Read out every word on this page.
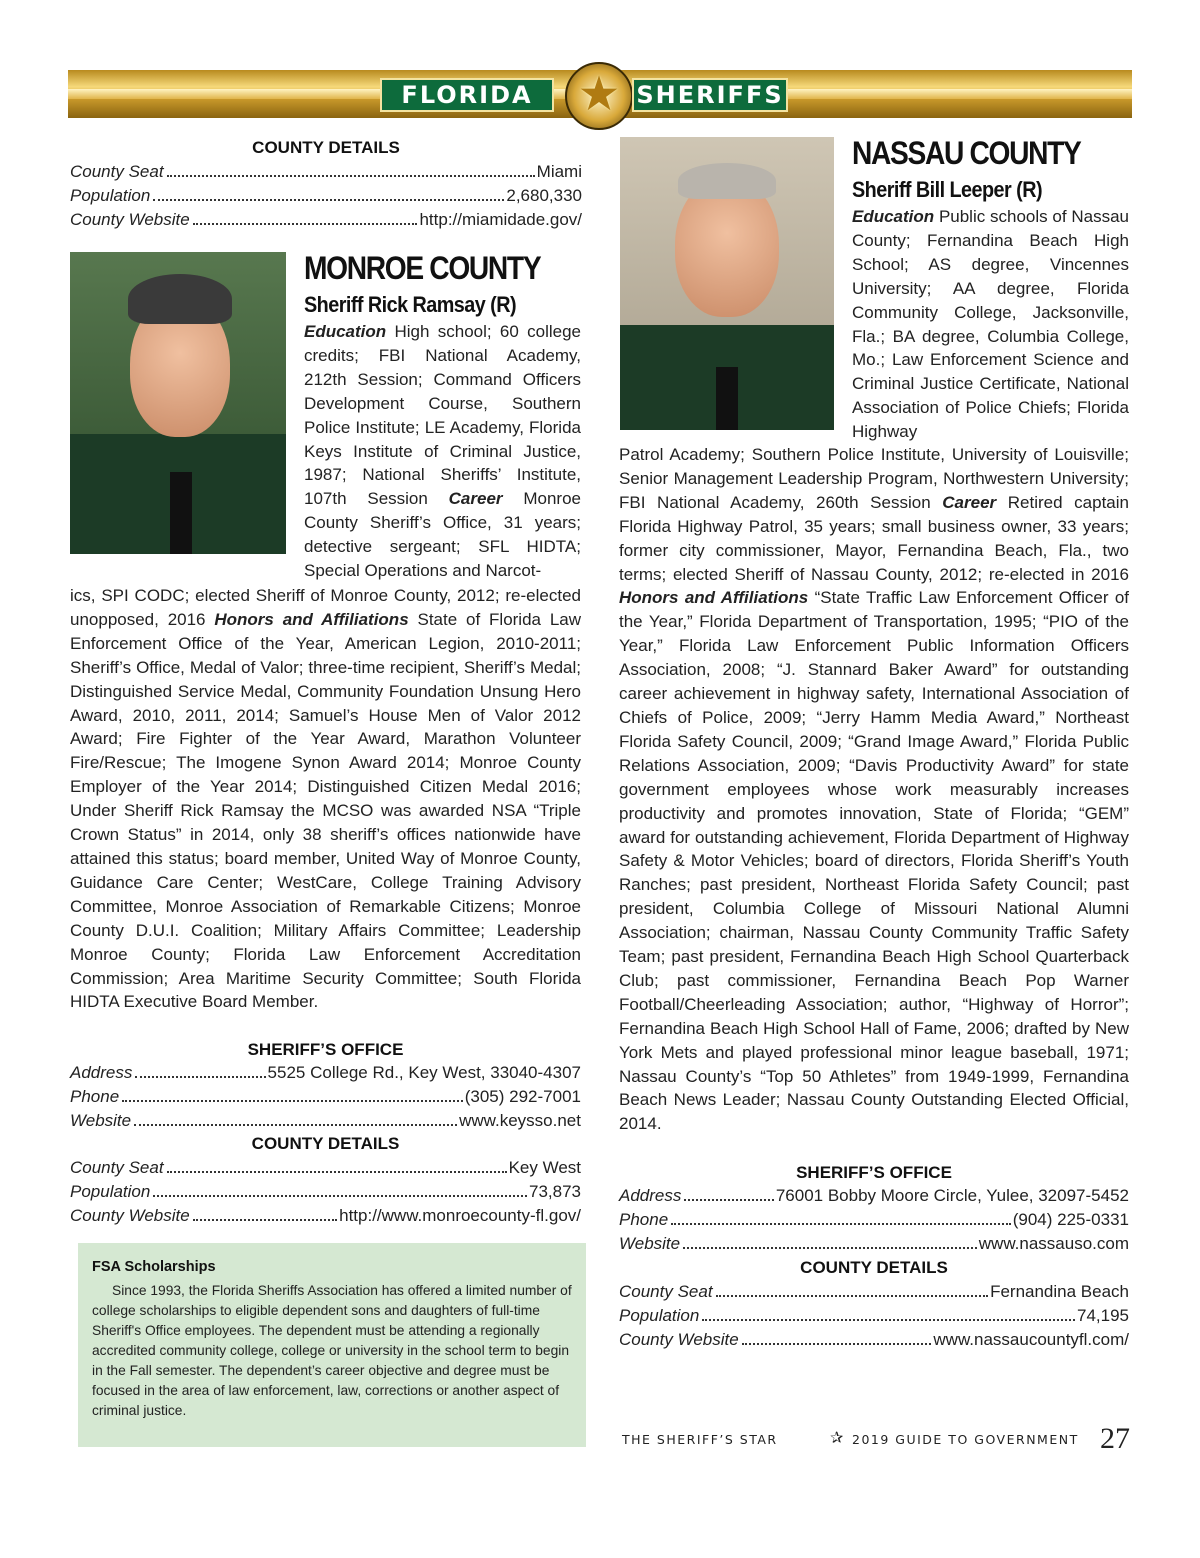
FLORIDA ★ SHERIFFS
COUNTY DETAILS
County Seat	Miami
Population	2,680,330
County Website	http://miamidade.gov/
MONROE COUNTY
Sheriff Rick Ramsay (R)
Education High school; 60 college credits; FBI National Academy, 212th Session; Command Officers Development Course, Southern Police Institute; LE Academy, Florida Keys Institute of Criminal Justice, 1987; National Sheriffs’ Institute, 107th Session Career Monroe County Sheriff’s Office, 31 years; detective sergeant; SFL HIDTA; Special Operations and Narcot-
ics, SPI CODC; elected Sheriff of Monroe County, 2012; re-elected unopposed, 2016 Honors and Affiliations State of Florida Law Enforcement Office of the Year, American Legion, 2010-2011; Sheriff’s Office, Medal of Valor; three-time recipient, Sheriff’s Medal; Distinguished Service Medal, Community Foundation Unsung Hero Award, 2010, 2011, 2014; Samuel’s House Men of Valor 2012 Award; Fire Fighter of the Year Award, Marathon Volunteer Fire/Rescue; The Imogene Synon Award 2014; Monroe County Employer of the Year 2014; Distinguished Citizen Medal 2016; Under Sheriff Rick Ramsay the MCSO was awarded NSA “Triple Crown Status” in 2014, only 38 sheriff’s offices nationwide have attained this status; board member, United Way of Monroe County, Guidance Care Center; WestCare, College Training Advisory Committee, Monroe Association of Remarkable Citizens; Monroe County D.U.I. Coalition; Military Affairs Committee; Leadership Monroe County; Florida Law Enforcement Accreditation Commission; Area Maritime Security Committee; South Florida HIDTA Executive Board Member.
SHERIFF’S OFFICE
Address	5525 College Rd., Key West, 33040-4307
Phone	(305) 292-7001
Website	www.keysso.net
COUNTY DETAILS
County Seat	Key West
Population	73,873
County Website	http://www.monroecounty-fl.gov/
FSA Scholarships
Since 1993, the Florida Sheriffs Association has offered a limited number of college scholarships to eligible dependent sons and daughters of full-time Sheriff's Office employees. The dependent must be attending a regionally accredited community college, college or university in the school term to begin in the Fall semester. The dependent’s career objective and degree must be focused in the area of law enforcement, law, corrections or another aspect of criminal justice.
NASSAU COUNTY
Sheriff Bill Leeper (R)
Education Public schools of Nassau County; Fernandina Beach High School; AS degree, Vincennes University; AA degree, Florida Community College, Jacksonville, Fla.; BA degree, Columbia College, Mo.; Law Enforcement Science and Criminal Justice Certificate, National Association of Police Chiefs; Florida Highway
Patrol Academy; Southern Police Institute, University of Louisville; Senior Management Leadership Program, Northwestern University; FBI National Academy, 260th Session Career Retired captain Florida Highway Patrol, 35 years; small business owner, 33 years; former city commissioner, Mayor, Fernandina Beach, Fla., two terms; elected Sheriff of Nassau County, 2012; re-elected in 2016 Honors and Affiliations “State Traffic Law Enforcement Officer of the Year,” Florida Department of Transportation, 1995; “PIO of the Year,” Florida Law Enforcement Public Information Officers Association, 2008; “J. Stannard Baker Award” for outstanding career achievement in highway safety, International Association of Chiefs of Police, 2009; “Jerry Hamm Media Award,” Northeast Florida Safety Council, 2009; “Grand Image Award,” Florida Public Relations Association, 2009; “Davis Productivity Award” for state government employees whose work measurably increases productivity and promotes innovation, State of Florida; “GEM” award for outstanding achievement, Florida Department of Highway Safety & Motor Vehicles; board of directors, Florida Sheriff’s Youth Ranches; past president, Northeast Florida Safety Council; past president, Columbia College of Missouri National Alumni Association; chairman, Nassau County Community Traffic Safety Team; past president, Fernandina Beach High School Quarterback Club; past commissioner, Fernandina Beach Pop Warner Football/Cheerleading Association; author, “Highway of Horror”; Fernandina Beach High School Hall of Fame, 2006; drafted by New York Mets and played professional minor league baseball, 1971; Nassau County’s “Top 50 Athletes” from 1949-1999, Fernandina Beach News Leader; Nassau County Outstanding Elected Official, 2014.
SHERIFF’S OFFICE
Address	76001 Bobby Moore Circle, Yulee, 32097-5452
Phone	(904) 225-0331
Website	www.nassauso.com
COUNTY DETAILS
County Seat	Fernandina Beach
Population	74,195
County Website	www.nassaucountyfl.com/
THE SHERIFF’S STAR	✰ 2019 GUIDE TO GOVERNMENT 27
